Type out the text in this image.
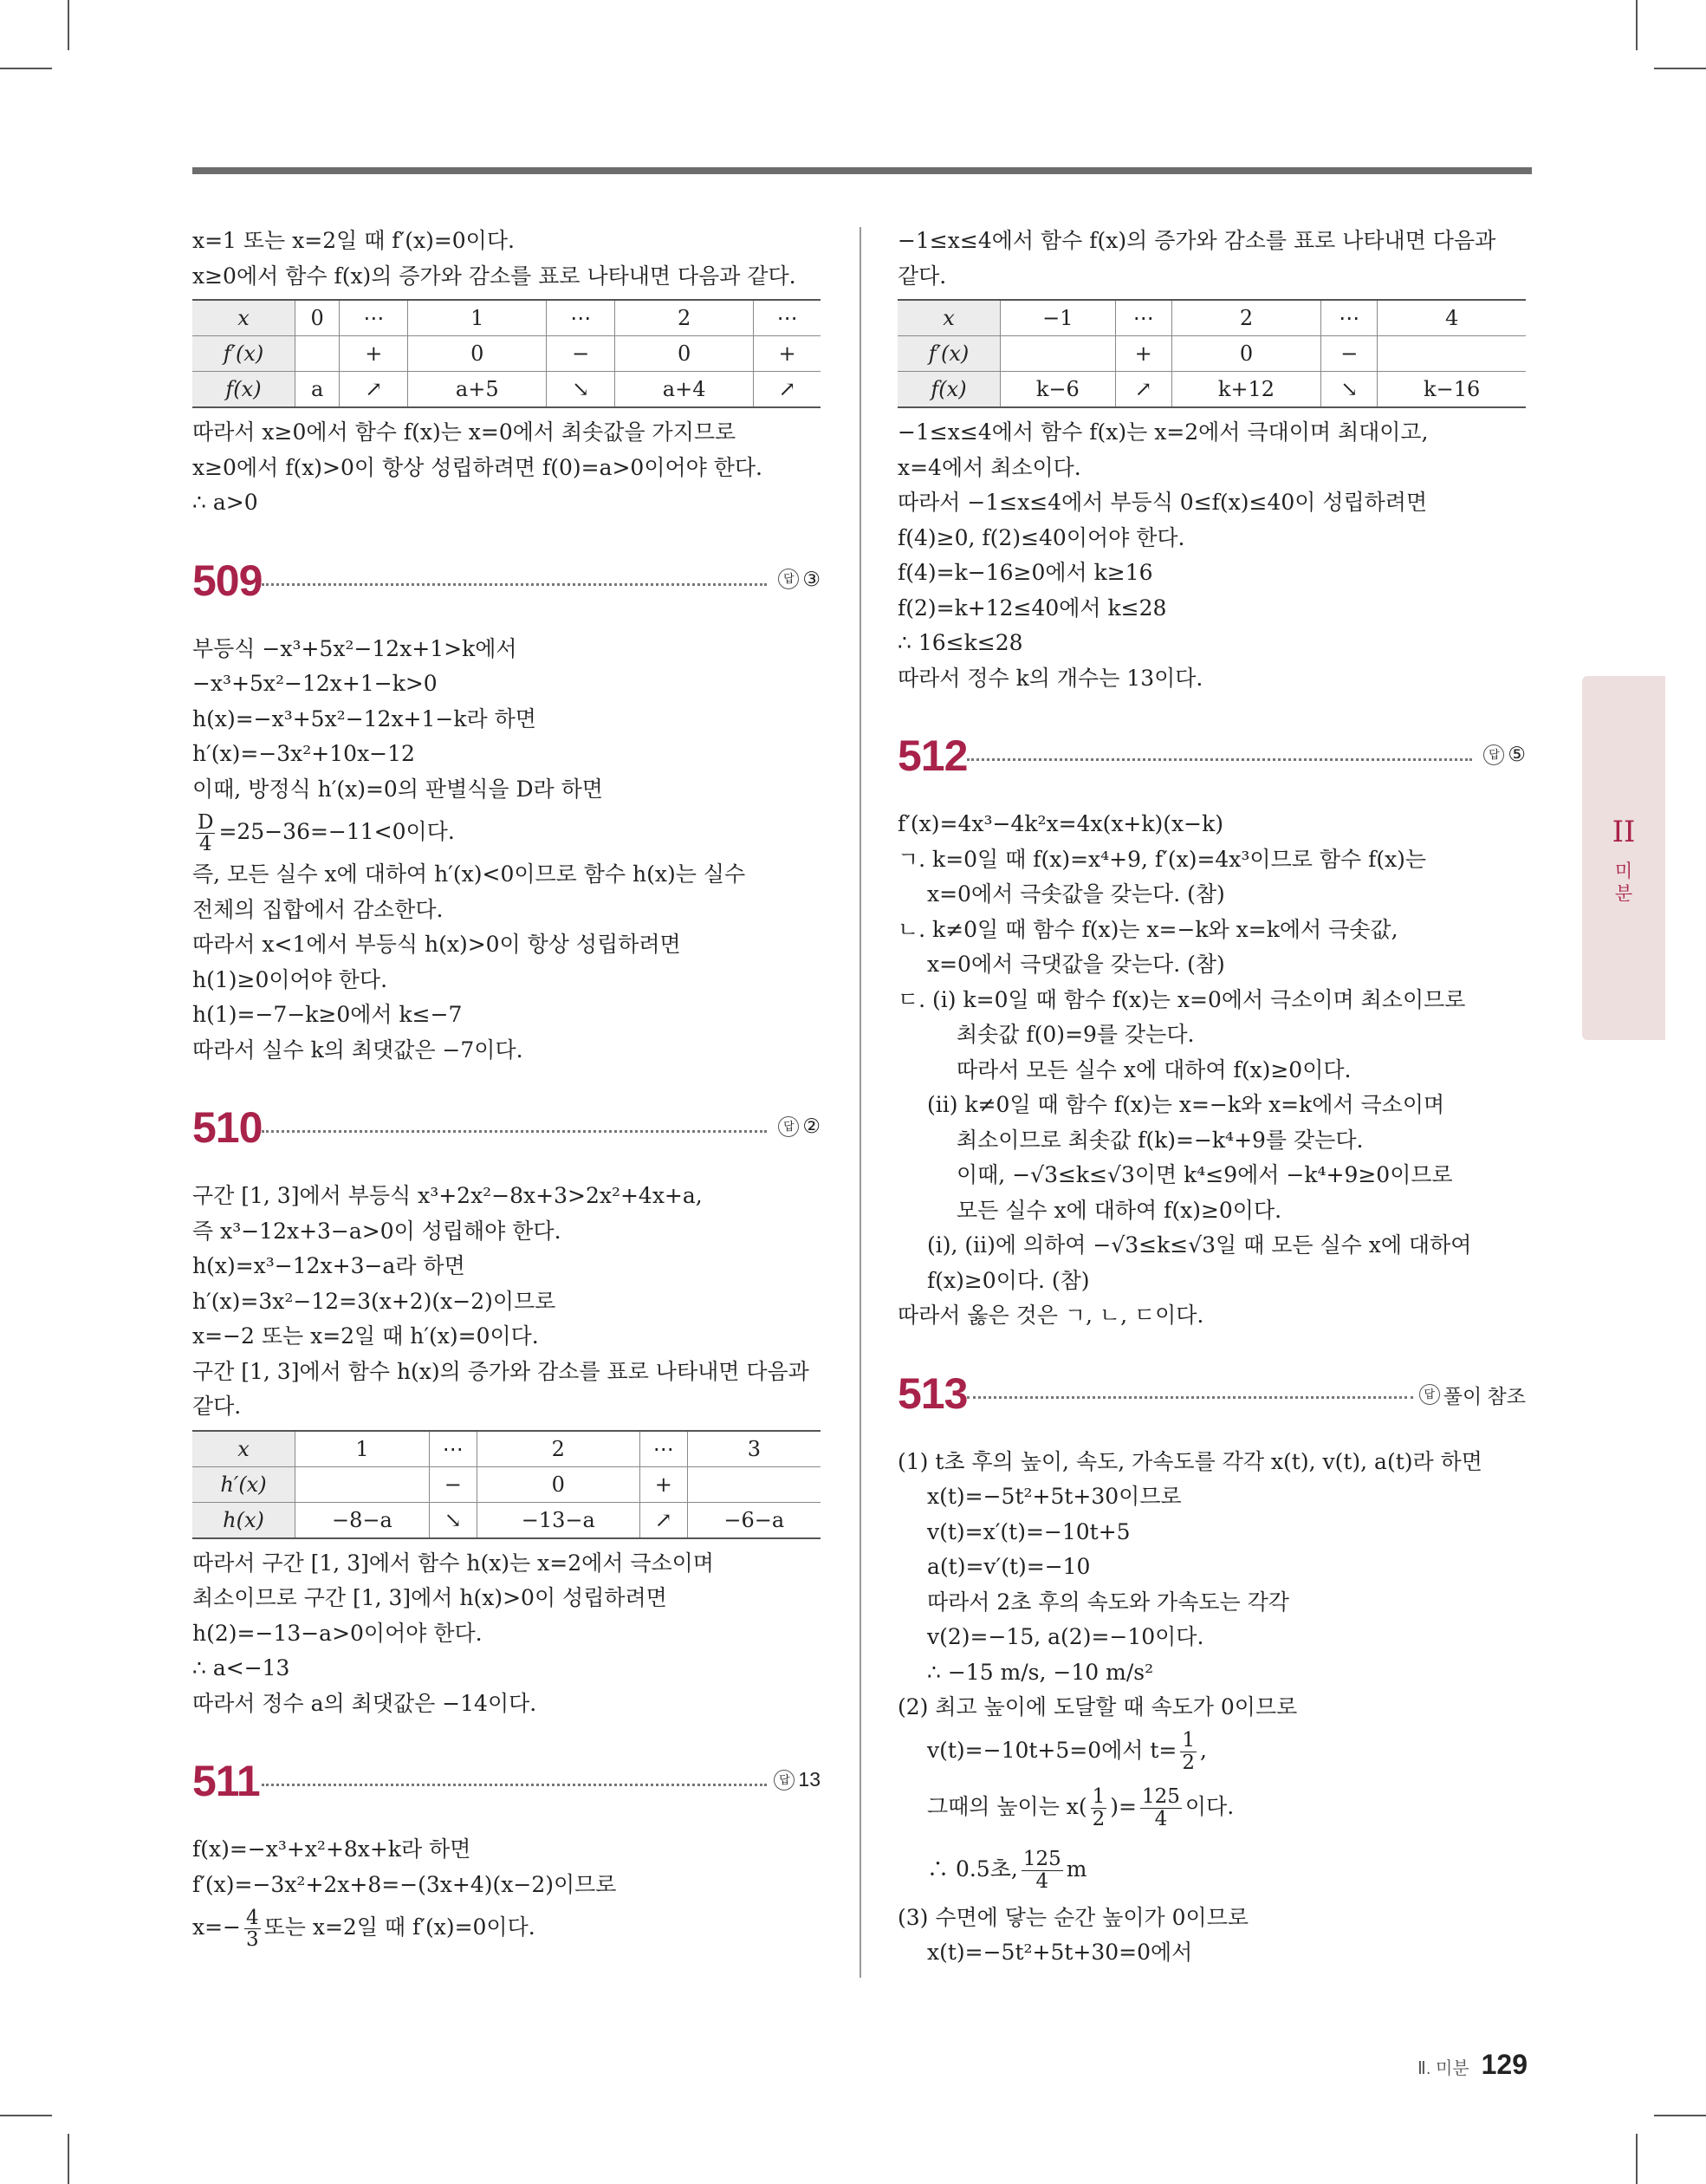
x=1 또는 x=2일 때 f′(x)=0이다.
x≥0에서 함수 f(x)의 증가와 감소를 표로 나타내면 다음과 같다.
x	0	⋯	1	⋯	2	⋯
f′(x)		+	0	−	0	+
f(x)	a	↗	a+5	↘	a+4	↗
따라서 x≥0에서 함수 f(x)는 x=0에서 최솟값을 가지므로
x≥0에서 f(x)>0이 항상 성립하려면 f(0)=a>0이어야 한다.
∴ a>0
509	답 ③
부등식 −x³+5x²−12x+1>k에서
−x³+5x²−12x+1−k>0
h(x)=−x³+5x²−12x+1−k라 하면
h′(x)=−3x²+10x−12
이때, 방정식 h′(x)=0의 판별식을 D라 하면
$\frac{D}{4} =25-36=-11<0$이다.
즉, 모든 실수 x에 대하여 h′(x)<0이므로 함수 h(x)는 실수
전체의 집합에서 감소한다.
따라서 x<1에서 부등식 h(x)>0이 항상 성립하려면
h(1)≥0이어야 한다.
h(1)=−7−k≥0에서 k≤−7
따라서 실수 k의 최댓값은 −7이다.
510	답 ②
구간 [1, 3]에서 부등식 x³+2x²−8x+3>2x²+4x+a,
즉 x³−12x+3−a>0이 성립해야 한다.
h(x)=x³−12x+3−a라 하면
h′(x)=3x²−12=3(x+2)(x−2)이므로
x=−2 또는 x=2일 때 h′(x)=0이다.
구간 [1, 3]에서 함수 h(x)의 증가와 감소를 표로 나타내면 다음과
같다.
x	1	⋯	2	⋯	3
h′(x)		−	0	+	
h(x)	−8−a	↘	−13−a	↗	−6−a
따라서 구간 [1, 3]에서 함수 h(x)는 x=2에서 극소이며
최소이므로 구간 [1, 3]에서 h(x)>0이 성립하려면
h(2)=−13−a>0이어야 한다.
∴ a<−13
따라서 정수 a의 최댓값은 −14이다.
511	답 13
f(x)=−x³+x²+8x+k라 하면
f′(x)=−3x²+2x+8=−(3x+4)(x−2)이므로
$x=- \frac{4}{3}$ 또는 x=2일 때 f′(x)=0이다.
−1≤x≤4에서 함수 f(x)의 증가와 감소를 표로 나타내면 다음과
같다.
x	−1	⋯	2	⋯	4
f′(x)		+	0	−	
f(x)	k−6	↗	k+12	↘	k−16
−1≤x≤4에서 함수 f(x)는 x=2에서 극대이며 최대이고,
x=4에서 최소이다.
따라서 −1≤x≤4에서 부등식 0≤f(x)≤40이 성립하려면
f(4)≥0, f(2)≤40이어야 한다.
f(4)=k−16≥0에서 k≥16
f(2)=k+12≤40에서 k≤28
∴ 16≤k≤28
따라서 정수 k의 개수는 13이다.
512	답 ⑤
f′(x)=4x³−4k²x=4x(x+k)(x−k)
ㄱ. k=0일 때 f(x)=x⁴+9, f′(x)=4x³이므로 함수 f(x)는
x=0에서 극솟값을 갖는다. (참)
ㄴ. k≠0일 때 함수 f(x)는 x=−k와 x=k에서 극솟값,
x=0에서 극댓값을 갖는다. (참)
ㄷ. (i) k=0일 때 함수 f(x)는 x=0에서 극소이며 최소이므로
최솟값 f(0)=9를 갖는다.
따라서 모든 실수 x에 대하여 f(x)≥0이다.
(ii) k≠0일 때 함수 f(x)는 x=−k와 x=k에서 극소이며
최소이므로 최솟값 f(k)=−k⁴+9를 갖는다.
이때, −√3≤k≤√3이면 k⁴≤9에서 −k⁴+9≥0이므로
모든 실수 x에 대하여 f(x)≥0이다.
(i), (ii)에 의하여 −√3≤k≤√3일 때 모든 실수 x에 대하여
f(x)≥0이다. (참)
따라서 옳은 것은 ㄱ, ㄴ, ㄷ이다.
513	답 풀이 참조
(1) t초 후의 높이, 속도, 가속도를 각각 x(t), v(t), a(t)라 하면
x(t)=−5t²+5t+30이므로
v(t)=x′(t)=−10t+5
a(t)=v′(t)=−10
따라서 2초 후의 속도와 가속도는 각각
v(2)=−15, a(2)=−10이다.
∴ −15 m/s, −10 m/s²
(2) 최고 높이에 도달할 때 속도가 0이므로
v(t)=−10t+5=0에서 $t= \frac{1}{2}$ ,
그때의 높이는 $x( \frac{1}{2}$ )= $\frac{125}{4}$ 이다.
∴ 0.5초, $\frac{125}{4}$ m
(3) 수면에 닿는 순간 높이가 0이므로
x(t)=−5t²+5t+30=0에서
II
미
분
Ⅱ. 미분 129
